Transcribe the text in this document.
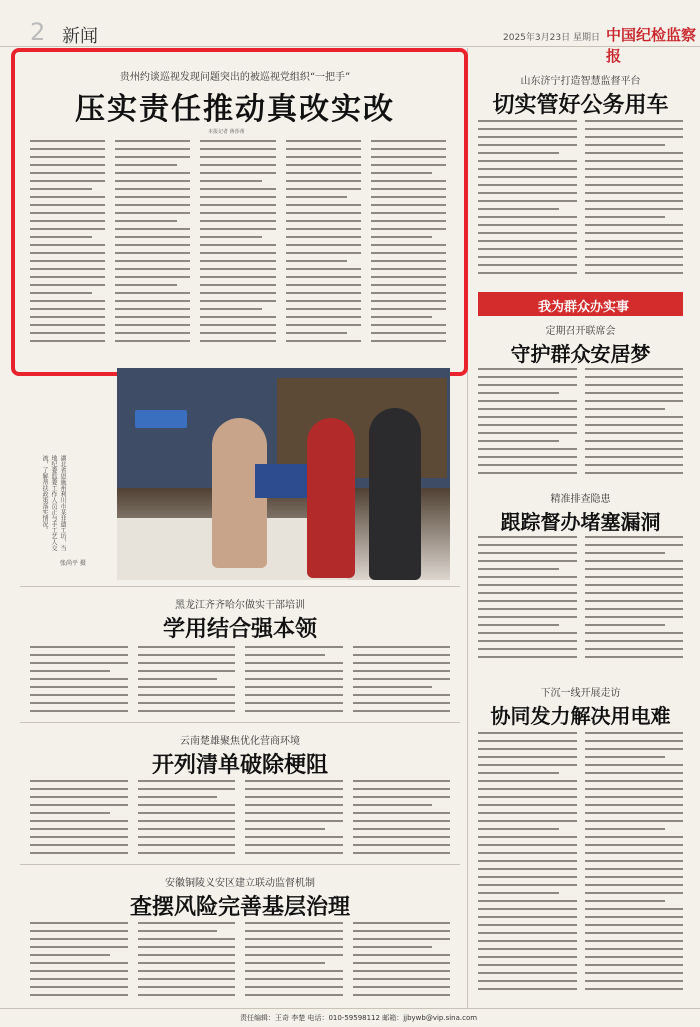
2 新闻	2025年3月23日 星期日 中国纪检监察报
贵州约谈巡视发现问题突出的被巡视党组织“一把手”
压实责任推动真改实改
本报记者 蒋莎蒂
山东济宁打造智慧监督平台
切实管好公务用车
我为群众办实事
定期召开联席会
守护群众安居梦
精准排查隐患
跟踪督办堵塞漏洞
下沉一线开展走访
协同发力解决用电难
湖北省恩施州利川市某非遗工坊，当地纪委监委工作人员正与手工艺人交流，了解帮扶政策落实情况。
张尚平 摄
黑龙江齐齐哈尔做实干部培训
学用结合强本领
云南楚雄聚焦优化营商环境
开列清单破除梗阻
安徽铜陵义安区建立联动监督机制
查摆风险完善基层治理
责任编辑：王奇 李楚 电话：010-59598112 邮箱：jjbywb@vip.sina.com
